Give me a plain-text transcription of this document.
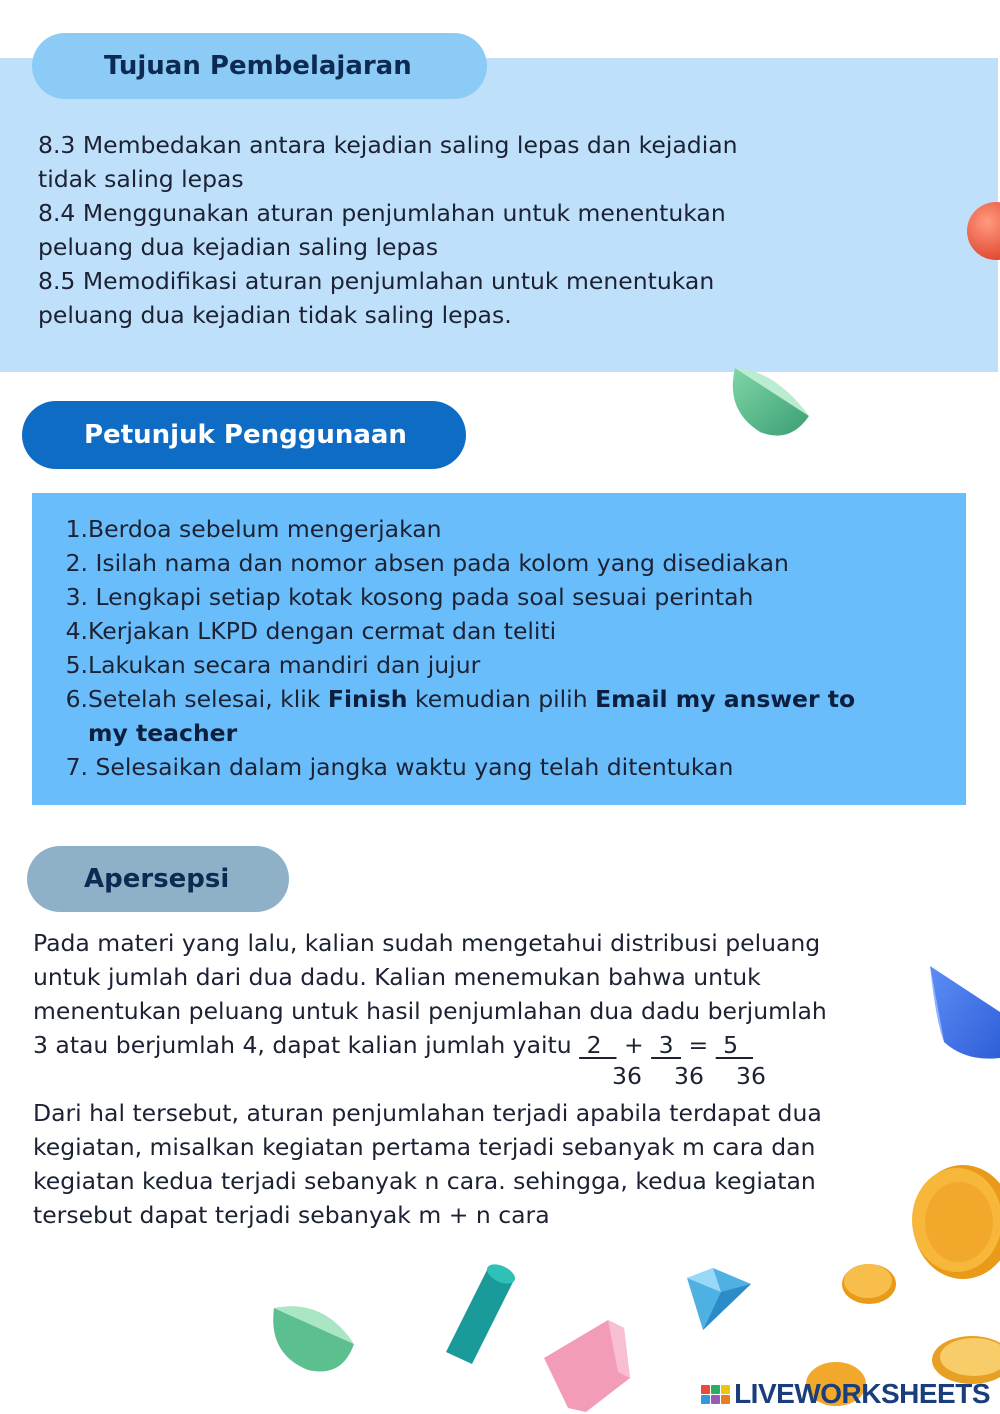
Tujuan Pembelajaran
8.3 Membedakan antara kejadian saling lepas dan kejadian
tidak saling lepas
8.4 Menggunakan aturan penjumlahan untuk menentukan
peluang dua kejadian saling lepas
8.5 Memodifikasi aturan penjumlahan untuk menentukan
peluang dua kejadian tidak saling lepas.
Petunjuk Penggunaan
1. Berdoa sebelum mengerjakan
2. Isilah nama dan nomor absen pada kolom yang disediakan
3. Lengkapi setiap kotak kosong pada soal sesuai perintah
4. Kerjakan LKPD dengan cermat dan teliti
5. Lakukan secara mandiri dan jujur
6. Setelah selesai, klik Finish kemudian pilih Email my answer to
my teacher
7. Selesaikan dalam jangka waktu yang telah ditentukan
Apersepsi
Pada materi yang lalu, kalian sudah mengetahui distribusi peluang
untuk jumlah dari dua dadu. Kalian menemukan bahwa untuk
menentukan peluang untuk hasil penjumlahan dua dadu berjumlah
3 atau berjumlah 4, dapat kalian jumlah yaitu  2   +  3  =  5
Dari hal tersebut, aturan penjumlahan terjadi apabila terdapat dua
kegiatan, misalkan kegiatan pertama terjadi sebanyak m cara dan
kegiatan kedua terjadi sebanyak n cara. sehingga, kedua kegiatan
tersebut dapat terjadi sebanyak m + n cara
36 36 36
LIVEWORKSHEETS
